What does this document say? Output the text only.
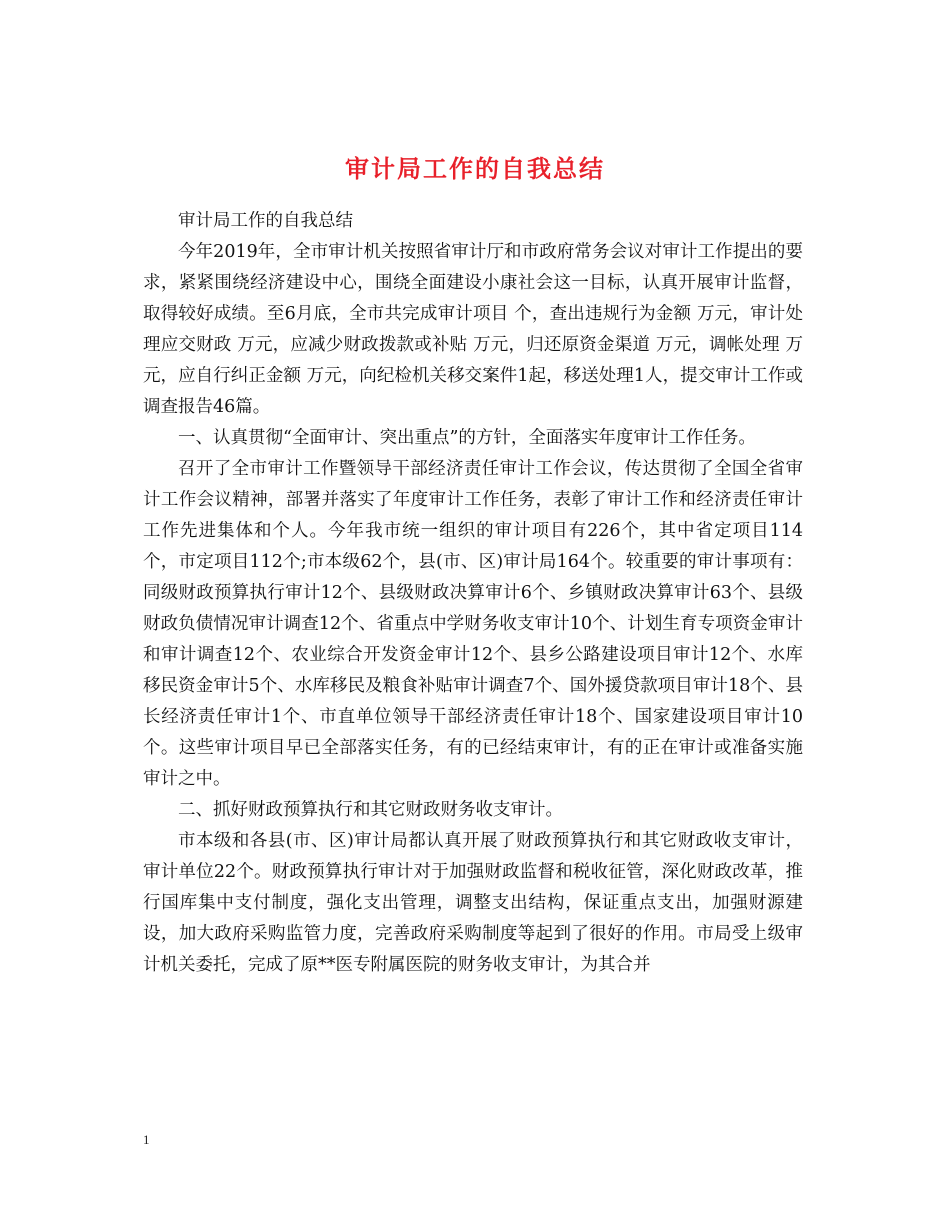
审计局工作的自我总结

审计局工作的自我总结

今年2019年，全市审计机关按照省审计厅和市政府常务会议对审计工作提出的要求，紧紧围绕经济建设中心，围绕全面建设小康社会这一目标，认真开展审计监督，取得较好成绩。至6月底，全市共完成审计项目 个，查出违规行为金额 万元，审计处理应交财政 万元，应减少财政拨款或补贴 万元，归还原资金渠道 万元，调帐处理 万元，应自行纠正金额 万元，向纪检机关移交案件1起，移送处理1人，提交审计工作或调查报告46篇。

一、认真贯彻“全面审计、突出重点”的方针，全面落实年度审计工作任务。

召开了全市审计工作暨领导干部经济责任审计工作会议，传达贯彻了全国全省审计工作会议精神，部署并落实了年度审计工作任务，表彰了审计工作和经济责任审计工作先进集体和个人。今年我市统一组织的审计项目有226个，其中省定项目114 个，市定项目112个;市本级62个，县(市、区)审计局164个。较重要的审计事项有：同级财政预算执行审计12个、县级财政决算审计6个、乡镇财政决算审计63个、县级财政负债情况审计调查12个、省重点中学财务收支审计10个、计划生育专项资金审计和审计调查12个、农业综合开发资金审计12个、县乡公路建设项目审计12个、水库移民资金审计5个、水库移民及粮食补贴审计调查7个、国外援贷款项目审计18个、县长经济责任审计1个、市直单位领导干部经济责任审计18个、国家建设项目审计10个。这些审计项目早已全部落实任务，有的已经结束审计，有的正在审计或准备实施审计之中。

二、抓好财政预算执行和其它财政财务收支审计。

市本级和各县(市、区)审计局都认真开展了财政预算执行和其它财政收支审计，审计单位22个。财政预算执行审计对于加强财政监督和税收征管，深化财政改革，推行国库集中支付制度，强化支出管理，调整支出结构，保证重点支出，加强财源建设，加大政府采购监管力度，完善政府采购制度等起到了很好的作用。市局受上级审计机关委托，完成了原**医专附属医院的财务收支审计，为其合并

1
